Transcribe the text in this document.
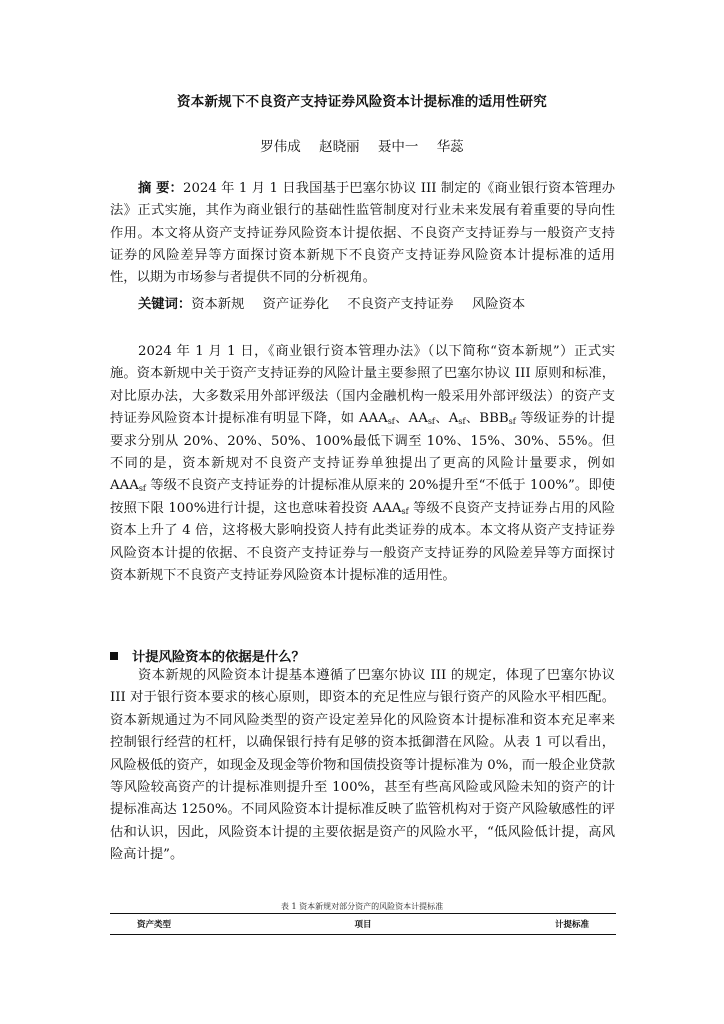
资本新规下不良资产支持证券风险资本计提标准的适用性研究
罗伟成 赵晓丽 聂中一 华蕊
摘 要：2024 年 1 月 1 日我国基于巴塞尔协议 III 制定的《商业银行资本管理办法》正式实施，其作为商业银行的基础性监管制度对行业未来发展有着重要的导向性作用。本文将从资产支持证券风险资本计提依据、不良资产支持证券与一般资产支持证券的风险差异等方面探讨资本新规下不良资产支持证券风险资本计提标准的适用性，以期为市场参与者提供不同的分析视角。
关键词：资本新规 资产证券化 不良资产支持证券 风险资本

2024 年 1 月 1 日，《商业银行资本管理办法》（以下简称“资本新规”）正式实施。资本新规中关于资产支持证券的风险计量主要参照了巴塞尔协议 III 原则和标准，对比原办法，大多数采用外部评级法（国内金融机构一般采用外部评级法）的资产支持证券风险资本计提标准有明显下降，如 $AAA_{sf}$、$AA_{sf}$、$A_{sf}$、$BBB_{sf}$ 等级证券的计提要求分别从 20%、20%、50%、100%最低下调至 10%、15%、30%、55%。但不同的是，资本新规对不良资产支持证券单独提出了更高的风险计量要求，例如 $AAA_{sf}$ 等级不良资产支持证券的计提标准从原来的 20%提升至“不低于 100%”。即使按照下限 100%进行计提，这也意味着投资 $AAA_{sf}$ 等级不良资产支持证券占用的风险资本上升了 4 倍，这将极大影响投资人持有此类证券的成本。本文将从资产支持证券风险资本计提的依据、不良资产支持证券与一般资产支持证券的风险差异等方面探讨资本新规下不良资产支持证券风险资本计提标准的适用性。

计提风险资本的依据是什么？

资本新规的风险资本计提基本遵循了巴塞尔协议 III 的规定，体现了巴塞尔协议 III 对于银行资本要求的核心原则，即资本的充足性应与银行资产的风险水平相匹配。资本新规通过为不同风险类型的资产设定差异化的风险资本计提标准和资本充足率来控制银行经营的杠杆，以确保银行持有足够的资本抵御潜在风险。从表 1 可以看出，风险极低的资产，如现金及现金等价物和国债投资等计提标准为 0%，而一般企业贷款等风险较高资产的计提标准则提升至 100%，甚至有些高风险或风险未知的资产的计提标准高达 1250%。不同风险资本计提标准反映了监管机构对于资产风险敏感性的评估和认识，因此，风险资本计提的主要依据是资产的风险水平，“低风险低计提，高风险高计提”。

表 1 资本新规对部分资产的风险资本计提标准
资产类型	项目	计提标准
